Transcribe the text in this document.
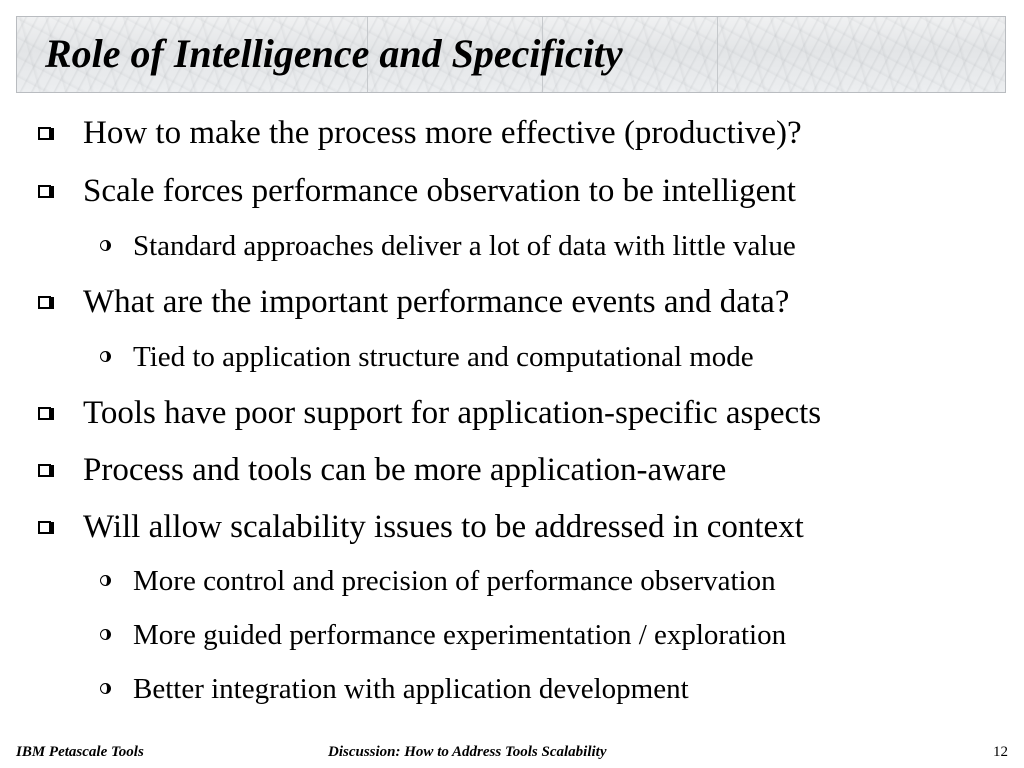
Role of Intelligence and Specificity
How to make the process more effective (productive)?
Scale forces performance observation to be intelligent
Standard approaches deliver a lot of data with little value
What are the important performance events and data?
Tied to application structure and computational mode
Tools have poor support for application-specific aspects
Process and tools can be more application-aware
Will allow scalability issues to be addressed in context
More control and precision of performance observation
More guided performance experimentation / exploration
Better integration with application development
IBM Petascale Tools	Discussion: How to Address Tools Scalability	12
